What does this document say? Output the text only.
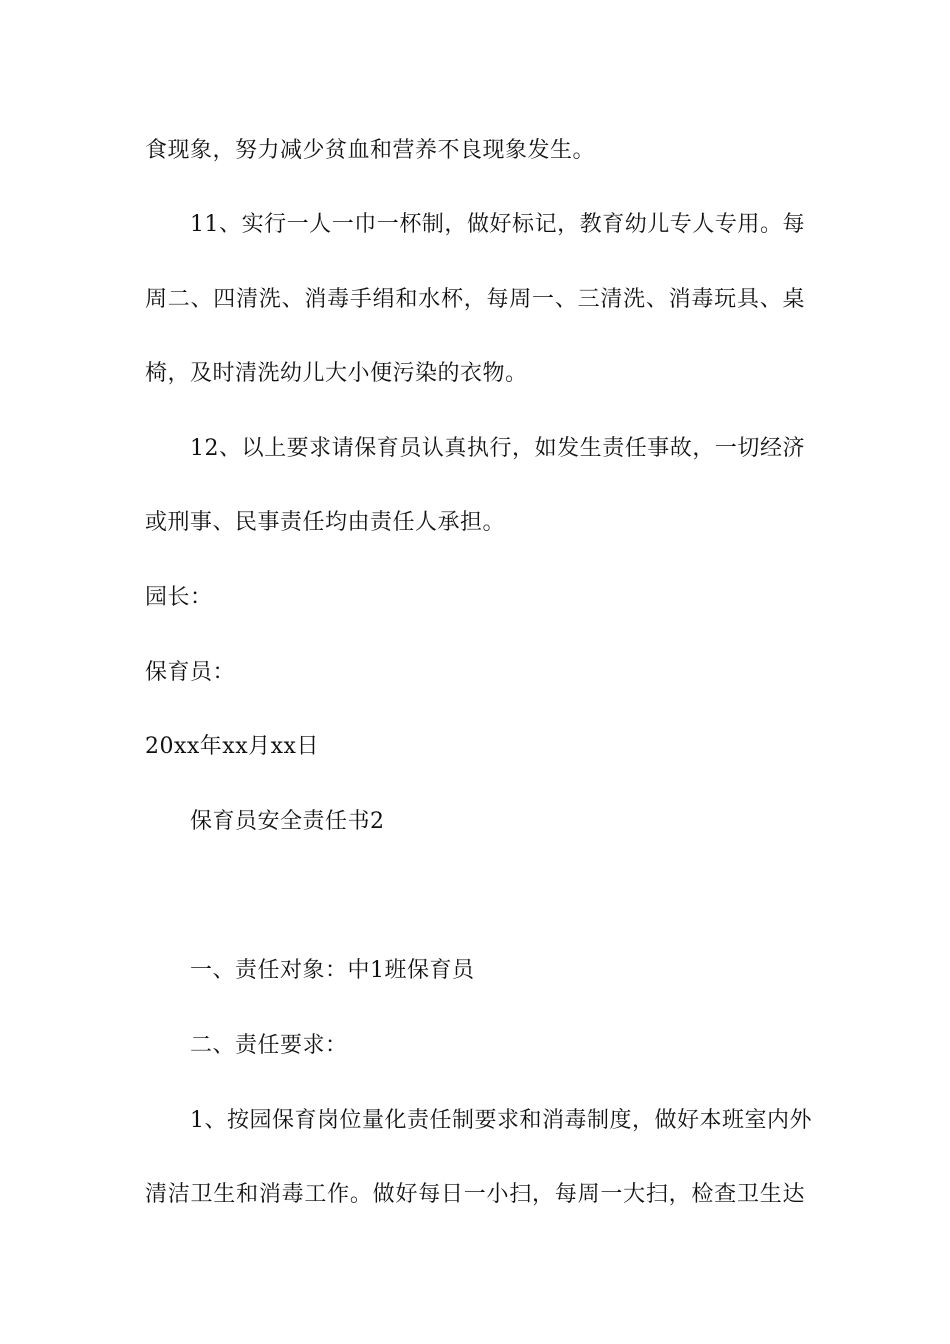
食现象，努力减少贫血和营养不良现象发生。
11、实行一人一巾一杯制，做好标记，教育幼儿专人专用。每
周二、四清洗、消毒手绢和水杯，每周一、三清洗、消毒玩具、桌
椅，及时清洗幼儿大小便污染的衣物。
12、以上要求请保育员认真执行，如发生责任事故，一切经济
或刑事、民事责任均由责任人承担。
园长：
保育员：
20xx年xx月xx日
保育员安全责任书2
一、责任对象：中1班保育员
二、责任要求：
1、按园保育岗位量化责任制要求和消毒制度，做好本班室内外
清洁卫生和消毒工作。做好每日一小扫，每周一大扫，检查卫生达
